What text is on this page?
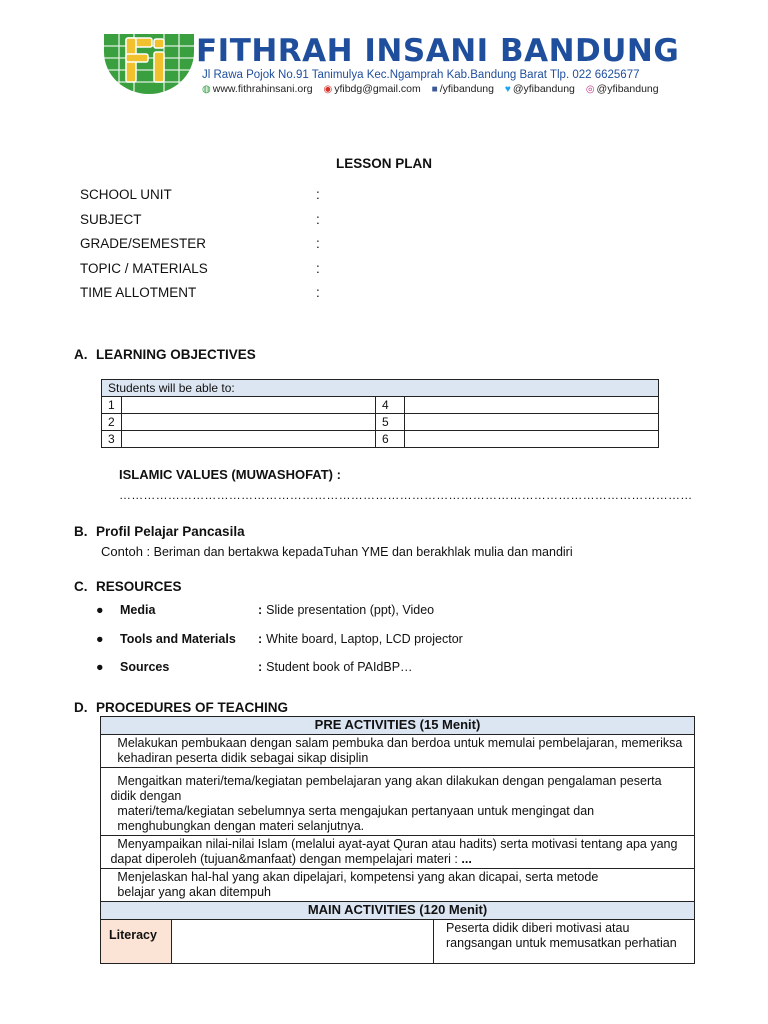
FITHRAH INSANI BANDUNG
Jl Rawa Pojok No.91 Tanimulya Kec.Ngamprah Kab.Bandung Barat Tlp. 022 6625677
◍ www.fithrahinsani.org ◉ yfibdg@gmail.com ■ /yfibandung ♥ @yfibandung ◎ @yfibandung
LESSON PLAN
SCHOOL UNIT	:
SUBJECT	:
GRADE/SEMESTER	:
TOPIC / MATERIALS	:
TIME ALLOTMENT	:
A. LEARNING OBJECTIVES
Students will be able to:			
1		4	
2		5	
3		6	
ISLAMIC VALUES (MUWASHOFAT) :
……………………………………………………………………………………………………………………………
B. Profil Pelajar Pancasila
Contoh : Beriman dan bertakwa kepadaTuhan YME dan berakhlak mulia dan mandiri
C. RESOURCES
● Media	: Slide presentation (ppt), Video
● Tools and Materials : White board, Laptop, LCD projector
● Sources	: Student book of PAIdBP…
D. PROCEDURES OF TEACHING
PRE ACTIVITIES (15 Menit)

Melakukan pembukaan dengan salam pembuka dan berdoa untuk memulai pembelajaran, memeriksa
kehadiran peserta didik sebagai sikap disiplin

Mengaitkan materi/tema/kegiatan pembelajaran yang akan dilakukan dengan pengalaman peserta
didik dengan
materi/tema/kegiatan sebelumnya serta mengajukan pertanyaan untuk mengingat dan
menghubungkan dengan materi selanjutnya.

Menyampaikan nilai-nilai Islam (melalui ayat-ayat Quran atau hadits) serta motivasi tentang apa yang
dapat diperoleh (tujuan&manfaat) dengan mempelajari materi : ...

Menjelaskan hal-hal yang akan dipelajari, kompetensi yang akan dicapai, serta metode
belajar yang akan ditempuh

MAIN ACTIVITIES (120 Menit)
Literacy		Peserta didik diberi motivasi atau
rangsangan untuk memusatkan perhatian
